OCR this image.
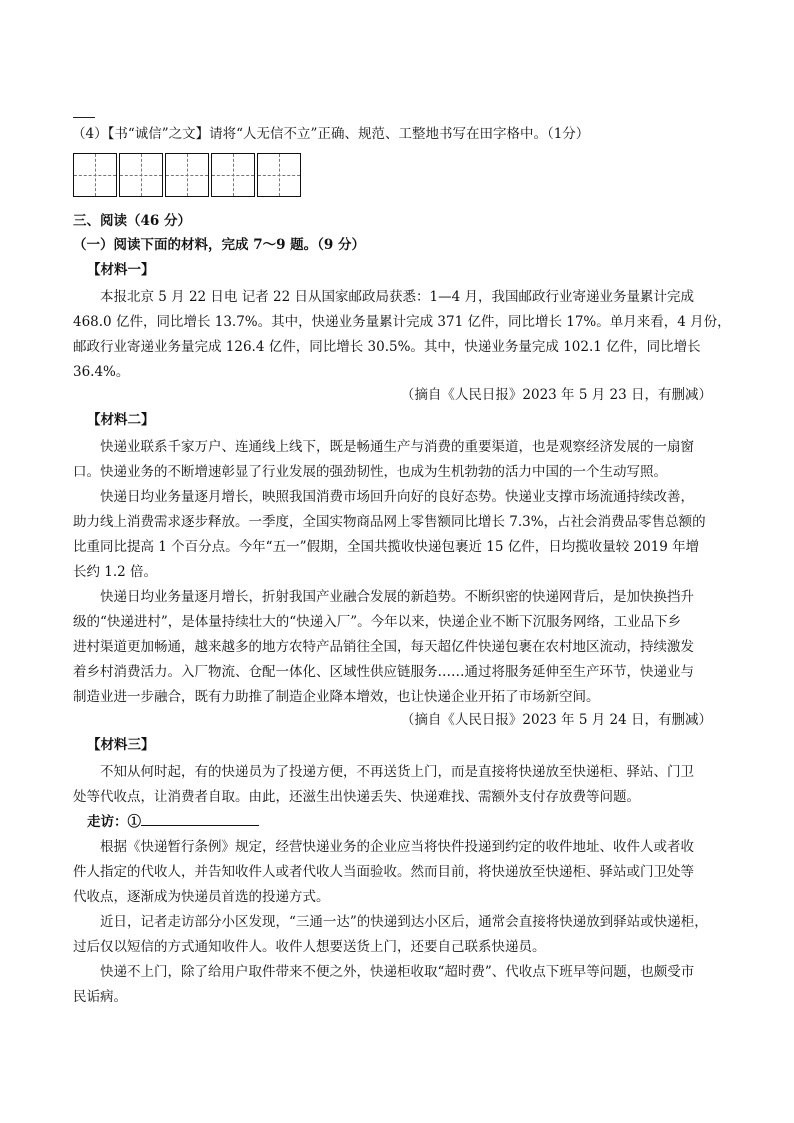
（4）【书“诚信”之文】请将“人无信不立”正确、规范、工整地书写在田字格中。（1分）
三、阅读（46 分）
（一）阅读下面的材料，完成 7～9 题。（9 分）
【材料一】
本报北京 5 月 22 日电 记者 22 日从国家邮政局获悉：1—4 月，我国邮政行业寄递业务量累计完成
468.0 亿件，同比增长 13.7%。其中，快递业务量累计完成 371 亿件，同比增长 17%。单月来看，4 月份，
邮政行业寄递业务量完成 126.4 亿件，同比增长 30.5%。其中，快递业务量完成 102.1 亿件，同比增长
36.4%。
（摘自《人民日报》2023 年 5 月 23 日，有删减）
【材料二】
快递业联系千家万户、连通线上线下，既是畅通生产与消费的重要渠道，也是观察经济发展的一扇窗
口。快递业务的不断增速彰显了行业发展的强劲韧性，也成为生机勃勃的活力中国的一个生动写照。
快递日均业务量逐月增长，映照我国消费市场回升向好的良好态势。快递业支撑市场流通持续改善，
助力线上消费需求逐步释放。一季度，全国实物商品网上零售额同比增长 7.3%，占社会消费品零售总额的
比重同比提高 1 个百分点。今年“五一”假期，全国共揽收快递包裹近 15 亿件，日均揽收量较 2019 年增
长约 1.2 倍。
快递日均业务量逐月增长，折射我国产业融合发展的新趋势。不断织密的快递网背后，是加快换挡升
级的“快递进村”，是体量持续壮大的“快递入厂”。今年以来，快递企业不断下沉服务网络，工业品下乡
进村渠道更加畅通，越来越多的地方农特产品销往全国，每天超亿件快递包裹在农村地区流动，持续激发
着乡村消费活力。入厂物流、仓配一体化、区域性供应链服务……通过将服务延伸至生产环节，快递业与
制造业进一步融合，既有力助推了制造企业降本增效，也让快递企业开拓了市场新空间。
（摘自《人民日报》2023 年 5 月 24 日，有删减）
【材料三】
不知从何时起，有的快递员为了投递方便，不再送货上门，而是直接将快递放至快递柜、驿站、门卫
处等代收点，让消费者自取。由此，还滋生出快递丢失、快递难找、需额外支付存放费等问题。
走访：①
根据《快递暂行条例》规定，经营快递业务的企业应当将快件投递到约定的收件地址、收件人或者收
件人指定的代收人，并告知收件人或者代收人当面验收。然而目前，将快递放至快递柜、驿站或门卫处等
代收点，逐渐成为快递员首选的投递方式。
近日，记者走访部分小区发现，“三通一达”的快递到达小区后，通常会直接将快递放到驿站或快递柜，
过后仅以短信的方式通知收件人。收件人想要送货上门，还要自己联系快递员。
快递不上门，除了给用户取件带来不便之外，快递柜收取“超时费”、代收点下班早等问题，也颇受市
民诟病。
